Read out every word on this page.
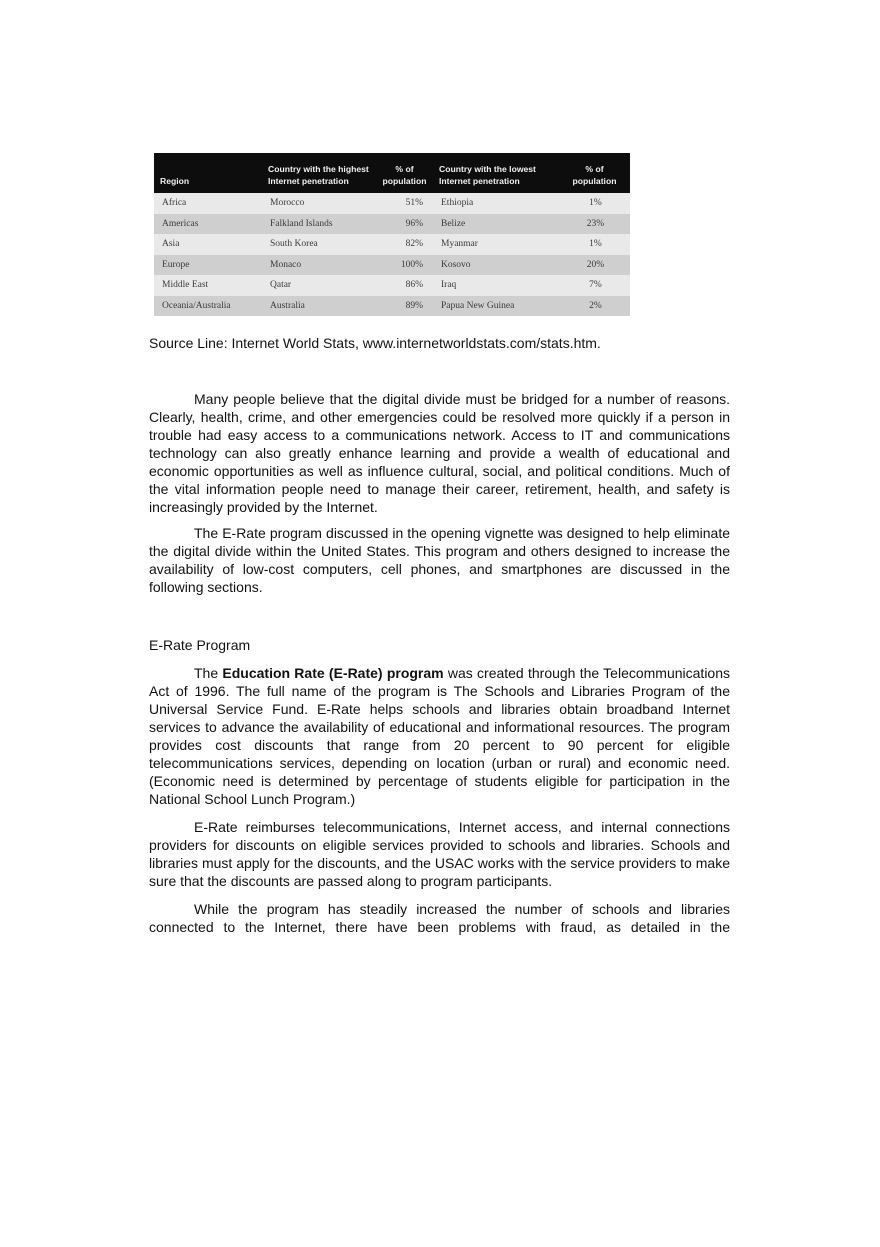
Region	Country with the highest Internet penetration	% of population	Country with the lowest Internet penetration	% of population
Africa	Morocco	51%	Ethiopia	1%
Americas	Falkland Islands	96%	Belize	23%
Asia	South Korea	82%	Myanmar	1%
Europe	Monaco	100%	Kosovo	20%
Middle East	Qatar	86%	Iraq	7%
Oceania/Australia	Australia	89%	Papua New Guinea	2%
Source Line: Internet World Stats, www.internetworldstats.com/stats.htm.

Many people believe that the digital divide must be bridged for a number of reasons. Clearly, health, crime, and other emergencies could be resolved more quickly if a person in trouble had easy access to a communications network. Access to IT and communications technology can also greatly enhance learning and provide a wealth of educational and economic opportunities as well as influence cultural, social, and political conditions. Much of the vital information people need to manage their career, retirement, health, and safety is increasingly provided by the Internet.

The E-Rate program discussed in the opening vignette was designed to help eliminate the digital divide within the United States. This program and others designed to increase the availability of low-cost computers, cell phones, and smartphones are discussed in the following sections.

E-Rate Program

The Education Rate (E-Rate) program was created through the Telecommunications Act of 1996. The full name of the program is The Schools and Libraries Program of the Universal Service Fund. E-Rate helps schools and libraries obtain broadband Internet services to advance the availability of educational and informational resources. The program provides cost discounts that range from 20 percent to 90 percent for eligible telecommunications services, depending on location (urban or rural) and economic need. (Economic need is determined by percentage of students eligible for participation in the National School Lunch Program.)

E-Rate reimburses telecommunications, Internet access, and internal connections providers for discounts on eligible services provided to schools and libraries. Schools and libraries must apply for the discounts, and the USAC works with the service providers to make sure that the discounts are passed along to program participants.

While the program has steadily increased the number of schools and libraries connected to the Internet, there have been problems with fraud, as detailed in the
